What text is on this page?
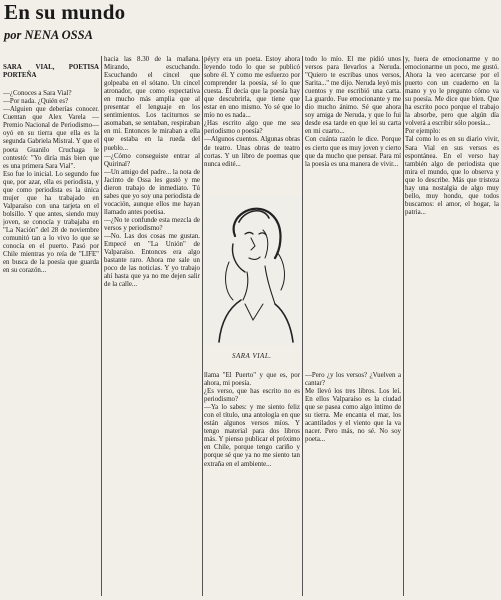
En su mundo
por NENA OSSA

SARA VIAL, POETISA PORTEÑA

—¿Conoces a Sara Vial?
—Por nada. ¿Quién es?
—Alguien que deberías conocer. Cuentan que Alex Varela —Premio Nacional de Periodismo— oyó en su tierra que ella es la segunda Gabriela Mistral. Y que el poeta Guanilo Cruchaga le contestó: "Yo diría más bien que es una primera Sara Vial".
Eso fue lo inicial. Lo segundo fue que, por azar, ella es periodista, y que como periodista es la única mujer que ha trabajado en Valparaíso con una tarjeta en el bolsillo. Y que antes, siendo muy joven, se conocía y trabajaba en "La Nación" del 28 de noviembre comunitó tan a lo vivo lo que se conocía en el puerto. Pasó por Chile mientras yo reía de "LIFE" en busca de la poesía que guarda en su corazón...

hacia las 8.30 de la mañana. Mirando, escuchando. Escuchando el cincel que golpeaba en el sótano. Un cincel atronador, que como expectativa en mucho más amplia que al presentar el lenguaje en los sentimientos. Los taciturnos se asomaban, se sentaban, respiraban en mí. Entonces le miraban a ella que estaba en la rueda del pueblo...
—¿Cómo conseguiste entrar al Quirinal?
—Un amigo del padre... la nota de Jacinto de Ossa les gustó y me dieron trabajo de inmediato. Tú sabes que yo soy una periodista de vocación, aunque ellos me hayan llamado antes poetisa.
—¿No te confunde esta mezcla de versos y periodismo?
—No. Las dos cosas me gustan. Empecé en "La Unión" de Valparaíso. Entonces era algo bastante raro. Ahora me sale un poco de las noticias. Y yo trabajo ahí hasta que ya no me dejen salir de la calle...
péyry era un poeta. Estoy ahora leyendo todo lo que se publicó sobre él. Y como me esfuerzo por comprender la poesía, sé lo que cuesta. Él decía que la poesía hay que descubrirla, que tiene que estar en uno mismo. Yo sé que lo mío no es nada...
¿Has escrito algo que me sea periodismo o poesía?
—Algunos cuentos. Algunas obras de teatro. Unas obras de teatro cortas. Y un libro de poemas que nunca edité...
todo lo mío. El me pidió unos versos para llevarlos a Neruda. "Quiero te escribas unos versos, Sarita..." me dijo. Neruda leyó mis cuentos y me escribió una carta. La guardo. Fue emocionante y me dio mucho ánimo. Sé que ahora soy amiga de Neruda, y que lo fui desde esa tarde en que leí su carta en mi cuarto...
Con cuánta razón le dice. Porque es cierto que es muy joven y cierto que da mucho que pensar. Para mí la poesía es una manera de vivir...
y, fuera de emocionarme y no emocionarme un poco, me gustó. Ahora la veo acercarse por el puerto con un cuaderno en la mano y yo le pregunto cómo va su poesía. Me dice que bien. Que ha escrito poco porque el trabajo la absorbe, pero que algún día volverá a escribir sólo poesía...
Por ejemplo:
Tal como lo es en su diario vivir, Sara Vial en sus versos es espontánea. En el verso hay también algo de periodista que mira el mundo, que lo observa y que lo describe. Más que tristeza hay una nostalgia de algo muy bello, muy hondo, que todos buscamos: el amor, el hogar, la patria...
llama "El Puerto" y que es, por ahora, mi poesía.
¿Es verso, que has escrito no es periodismo?
—Ya lo sabes: y me siento feliz con el título, una antología en que están algunos versos míos. Y tengo material para dos libros más. Y pienso publicar el próximo en Chile, porque tengo cariño y porque sé que ya no me siento tan extraña en el ambiente...
—Pero ¿y los versos? ¿Vuelven a cantar?
Me llevó los tres libros. Los leí. En ellos Valparaíso es la ciudad que se pasea como algo íntimo de su tierra. Me encanta el mar, los acantilados y el viento que la va nacer. Pero más, no sé. No soy poeta...
SARA VIAL.
